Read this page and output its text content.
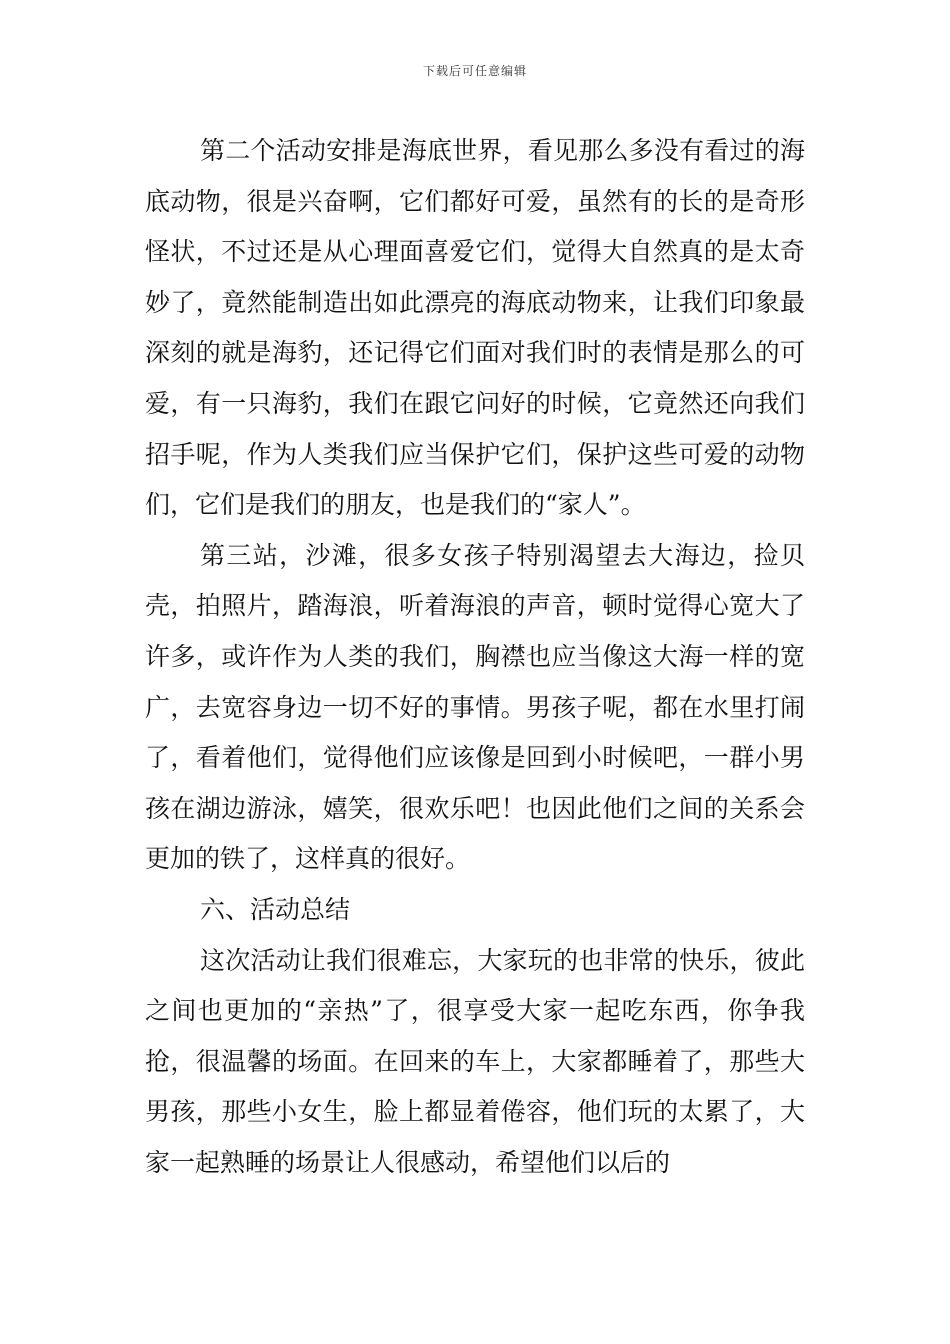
下载后可任意编辑

第二个活动安排是海底世界，看见那么多没有看过的海底动物，很是兴奋啊，它们都好可爱，虽然有的长的是奇形怪状，不过还是从心理面喜爱它们，觉得大自然真的是太奇妙了，竟然能制造出如此漂亮的海底动物来，让我们印象最深刻的就是海豹，还记得它们面对我们时的表情是那么的可爱，有一只海豹，我们在跟它问好的时候，它竟然还向我们招手呢，作为人类我们应当保护它们，保护这些可爱的动物们，它们是我们的朋友，也是我们的“家人”。

第三站，沙滩，很多女孩子特别渴望去大海边，捡贝壳，拍照片，踏海浪，听着海浪的声音，顿时觉得心宽大了许多，或许作为人类的我们，胸襟也应当像这大海一样的宽广，去宽容身边一切不好的事情。男孩子呢，都在水里打闹了，看着他们，觉得他们应该像是回到小时候吧，一群小男孩在湖边游泳，嬉笑，很欢乐吧！也因此他们之间的关系会更加的铁了，这样真的很好。

六、活动总结

这次活动让我们很难忘，大家玩的也非常的快乐，彼此之间也更加的“亲热”了，很享受大家一起吃东西，你争我抢，很温馨的场面。在回来的车上，大家都睡着了，那些大男孩，那些小女生，脸上都显着倦容，他们玩的太累了，大家一起熟睡的场景让人很感动，希望他们以后的
